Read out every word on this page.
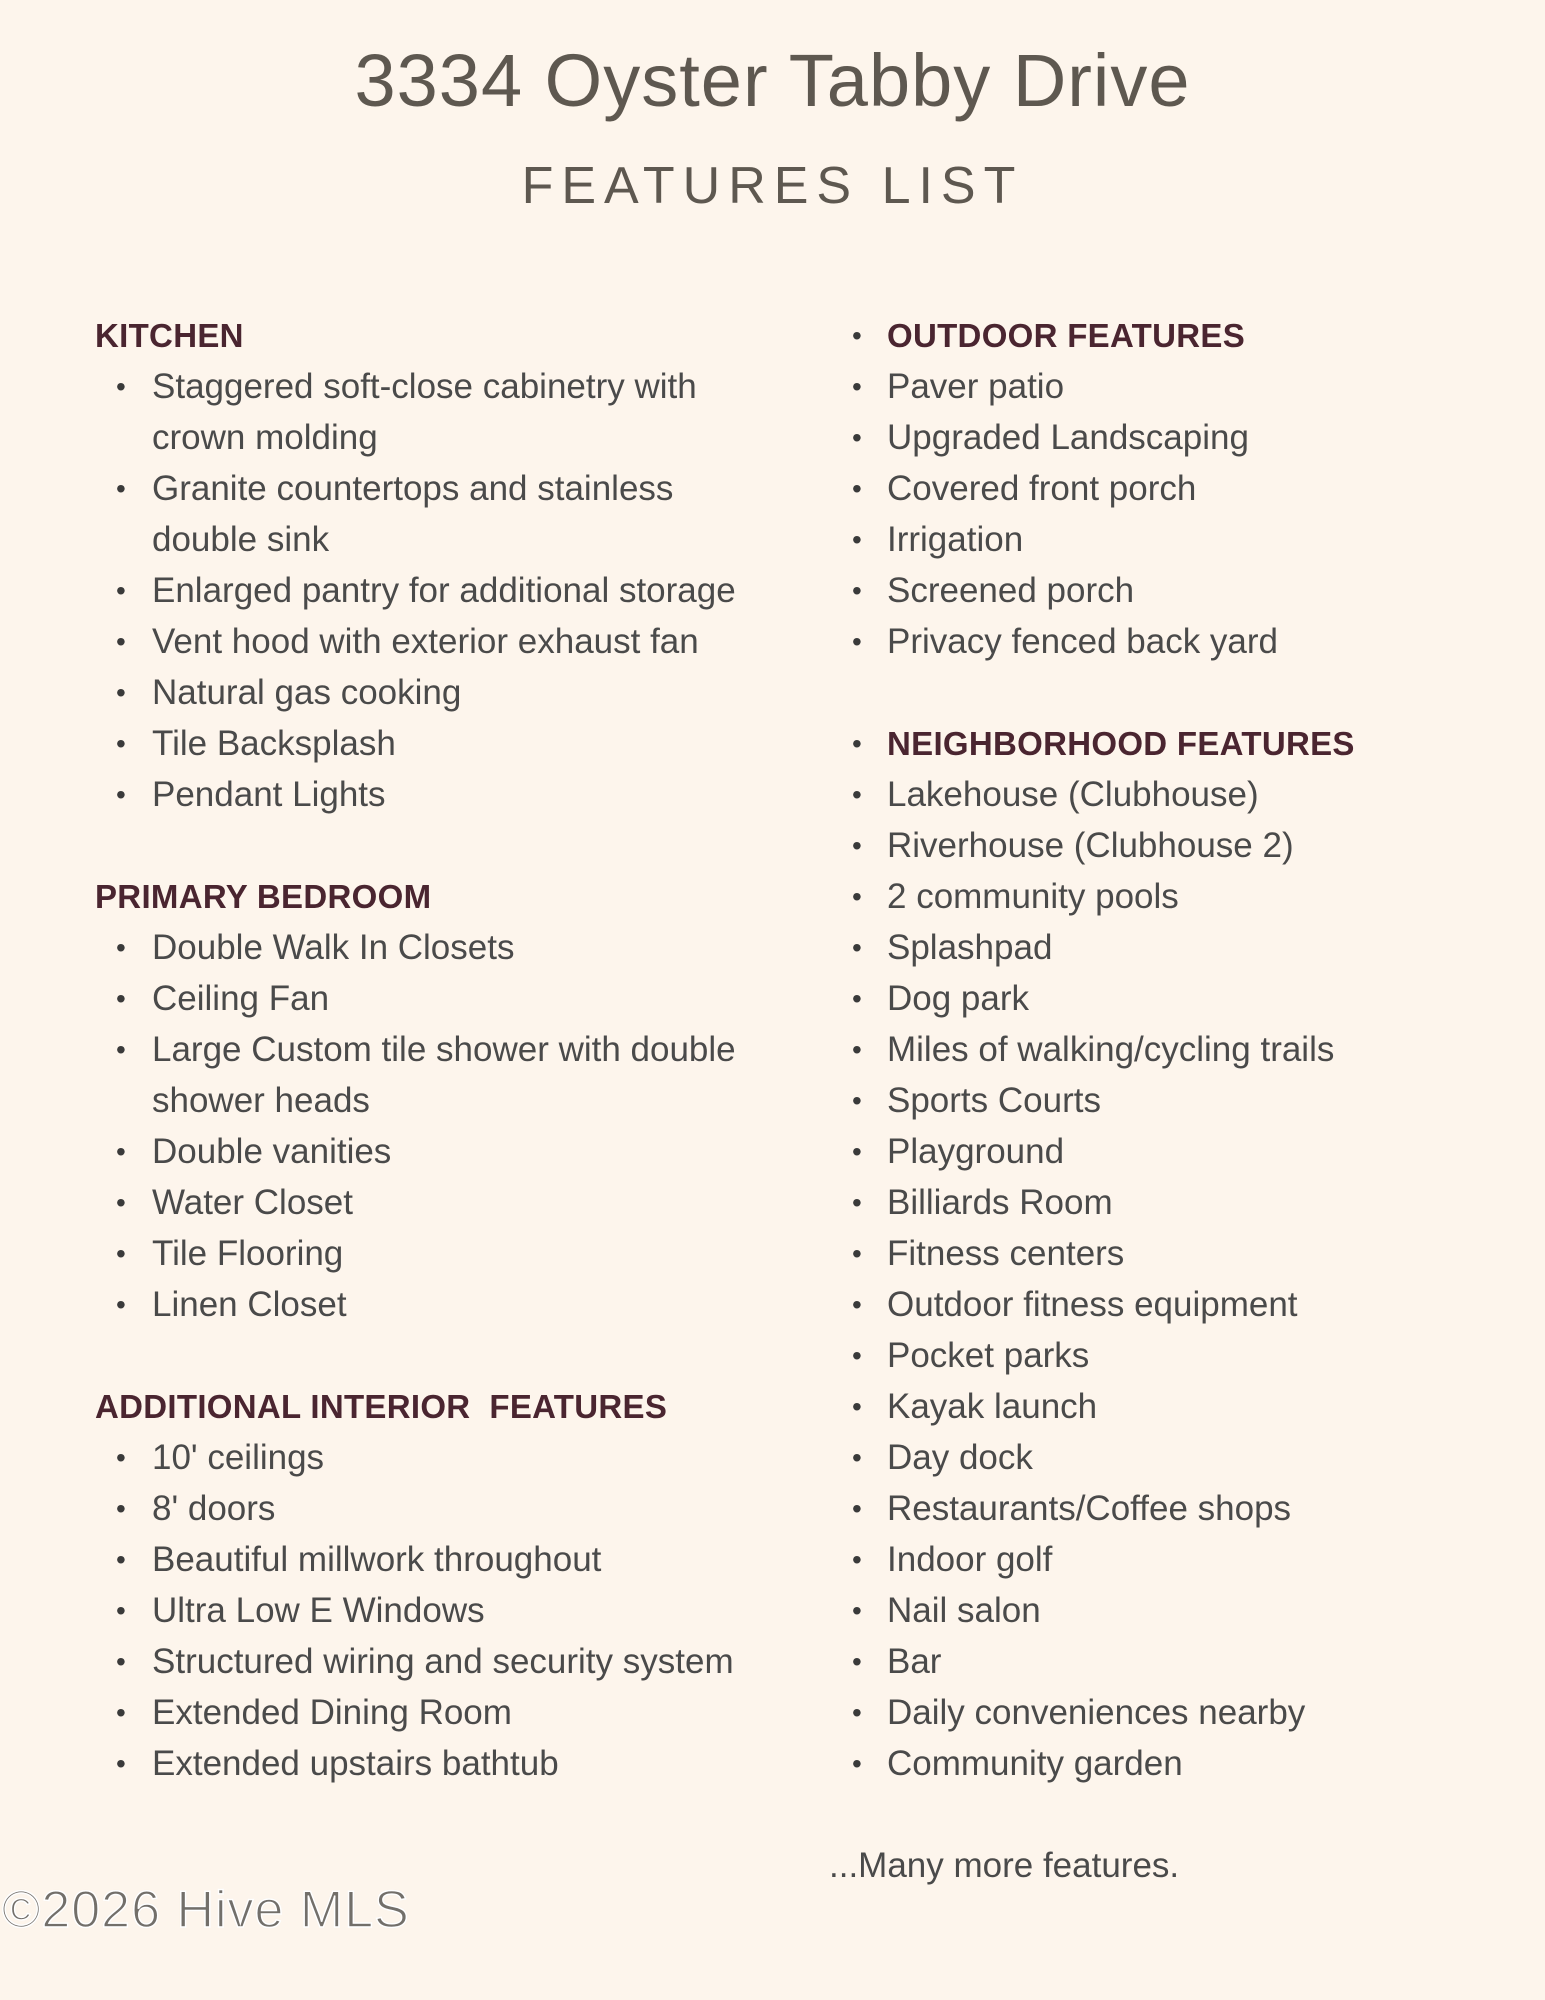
3334 Oyster Tabby Drive
FEATURES LIST
KITCHEN
• Staggered soft-close cabinetry with crown molding
• Granite countertops and stainless double sink
• Enlarged pantry for additional storage
• Vent hood with exterior exhaust fan
• Natural gas cooking
• Tile Backsplash
• Pendant Lights
PRIMARY BEDROOM
• Double Walk In Closets
• Ceiling Fan
• Large Custom tile shower with double shower heads
• Double vanities
• Water Closet
• Tile Flooring
• Linen Closet
ADDITIONAL INTERIOR  FEATURES
• 10' ceilings
• 8' doors
• Beautiful millwork throughout
• Ultra Low E Windows
• Structured wiring and security system
• Extended Dining Room
• Extended upstairs bathtub
• OUTDOOR FEATURES
• Paver patio
• Upgraded Landscaping
• Covered front porch
• Irrigation
• Screened porch
• Privacy fenced back yard
• NEIGHBORHOOD FEATURES
• Lakehouse (Clubhouse)
• Riverhouse (Clubhouse 2)
• 2 community pools
• Splashpad
• Dog park
• Miles of walking/cycling trails
• Sports Courts
• Playground
• Billiards Room
• Fitness centers
• Outdoor fitness equipment
• Pocket parks
• Kayak launch
• Day dock
• Restaurants/Coffee shops
• Indoor golf
• Nail salon
• Bar
• Daily conveniences nearby
• Community garden
...Many more features.
©2026 Hive MLS
